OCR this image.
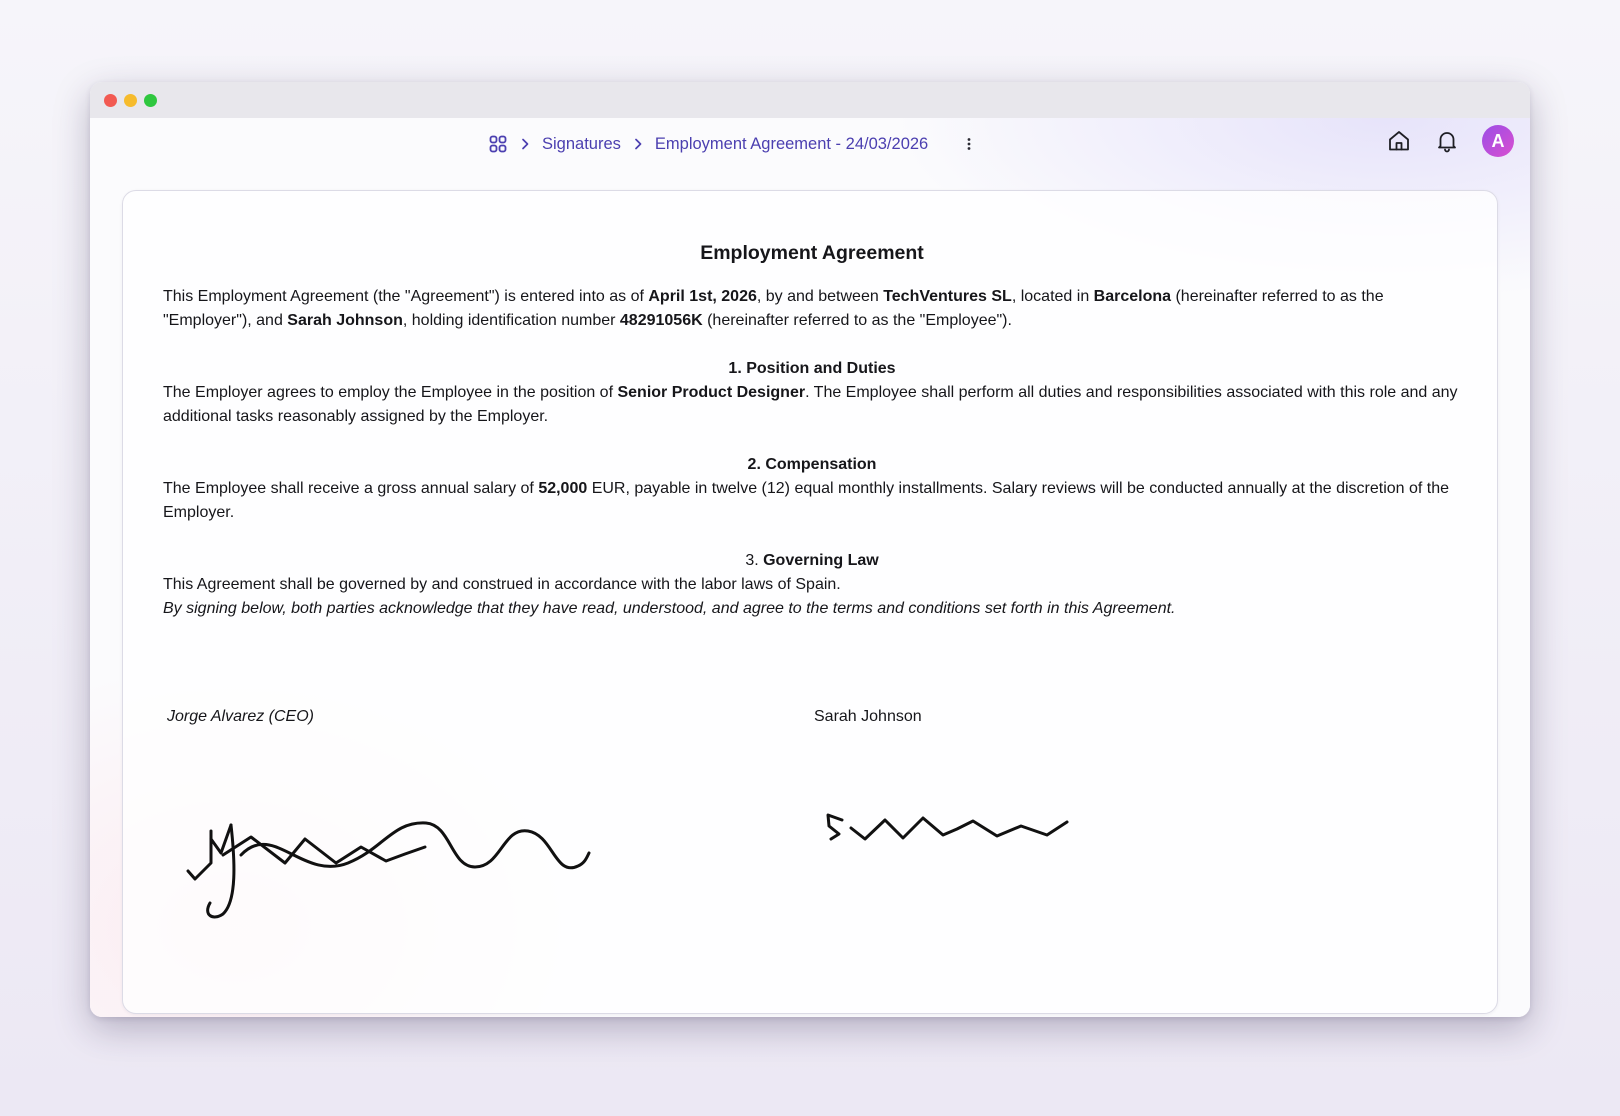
Signatures Employment Agreement - 24/03/2026	A
Employment Agreement

This Employment Agreement (the "Agreement") is entered into as of April 1st, 2026, by and between TechVentures SL, located in Barcelona (hereinafter referred to as the "Employer"), and Sarah Johnson, holding identification number 48291056K (hereinafter referred to as the "Employee").

1. Position and Duties

The Employer agrees to employ the Employee in the position of Senior Product Designer. The Employee shall perform all duties and responsibilities associated with this role and any additional tasks reasonably assigned by the Employer.

2. Compensation

The Employee shall receive a gross annual salary of 52,000 EUR, payable in twelve (12) equal monthly installments. Salary reviews will be conducted annually at the discretion of the Employer.

3. Governing Law

This Agreement shall be governed by and construed in accordance with the labor laws of Spain.

By signing below, both parties acknowledge that they have read, understood, and agree to the terms and conditions set forth in this Agreement.

Jorge Alvarez (CEO)	Sarah Johnson
